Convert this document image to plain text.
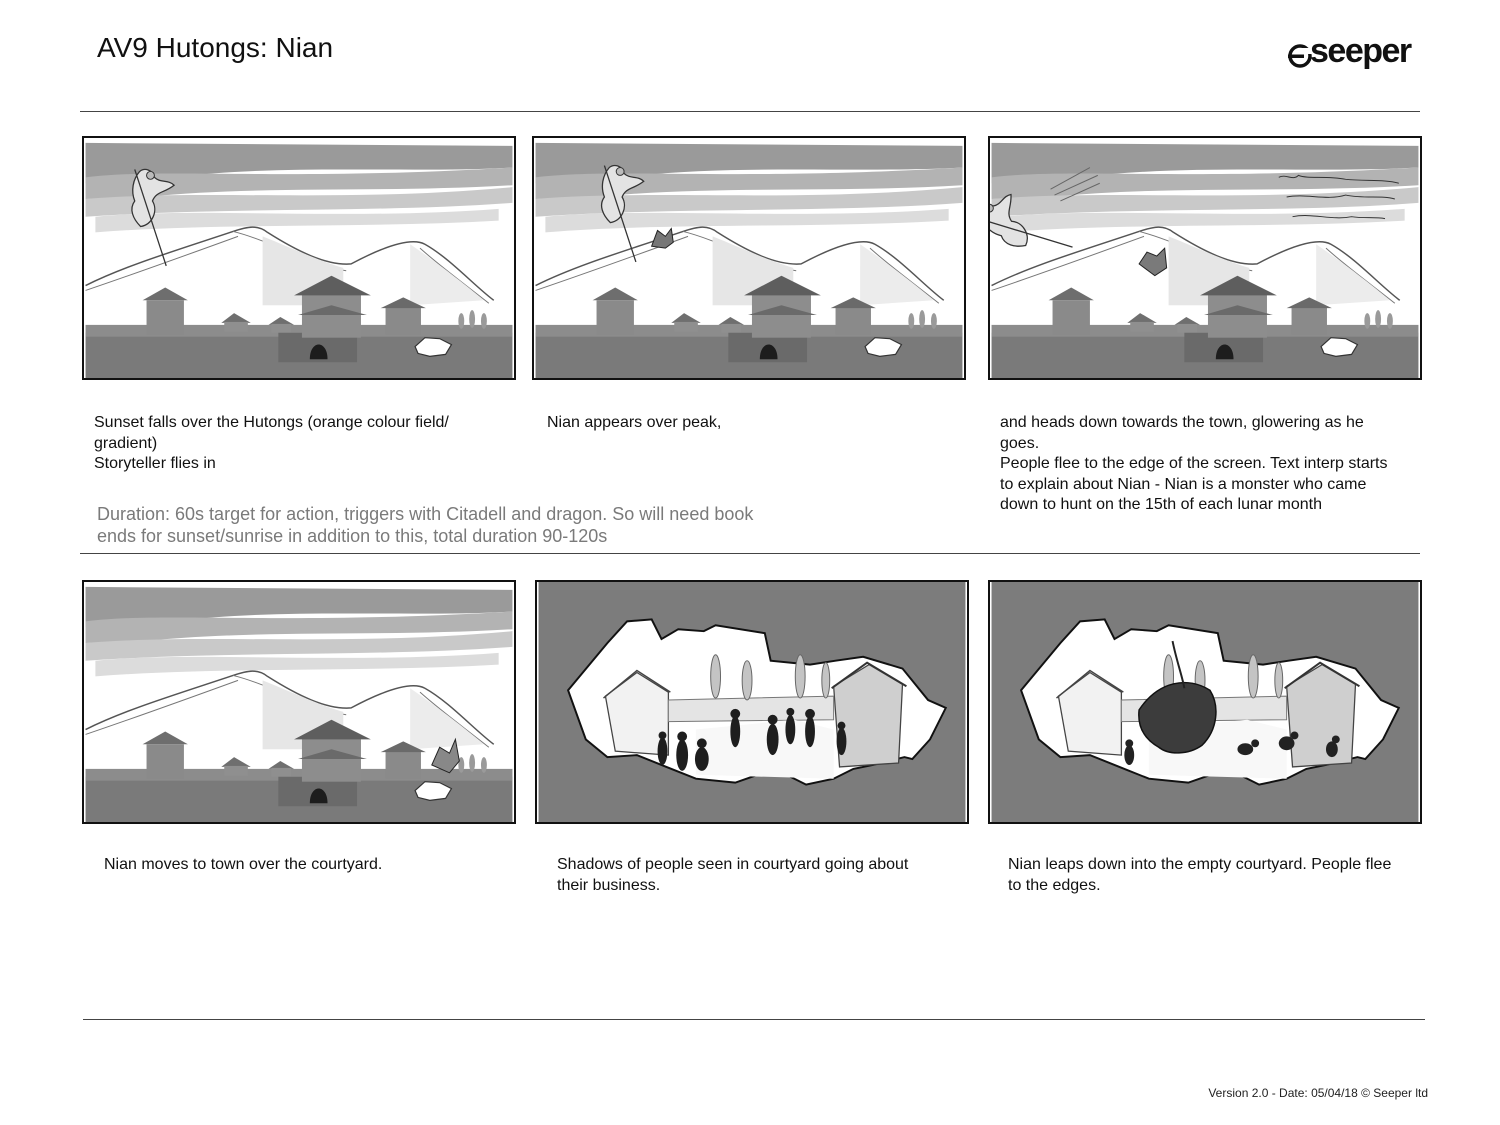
AV9 Hutongs: Nian	seeper
Sunset falls over the Hutongs (orange colour field/
gradient)
Storyteller flies in
Nian appears over peak,	and heads down towards the town, glowering as he
goes.
People flee to the edge of the screen. Text interp starts
to explain about Nian - Nian is a monster who came
down to hunt on the 15th of each lunar month
Duration: 60s target for action, triggers with Citadell and dragon. So will need book
ends for sunset/sunrise in addition to this, total duration 90-120s
Nian moves to town over the courtyard.	Shadows of people seen in courtyard going about
their business.
Nian leaps down into the empty courtyard. People flee
to the edges.
Version 2.0 - Date: 05/04/18 © Seeper ltd
